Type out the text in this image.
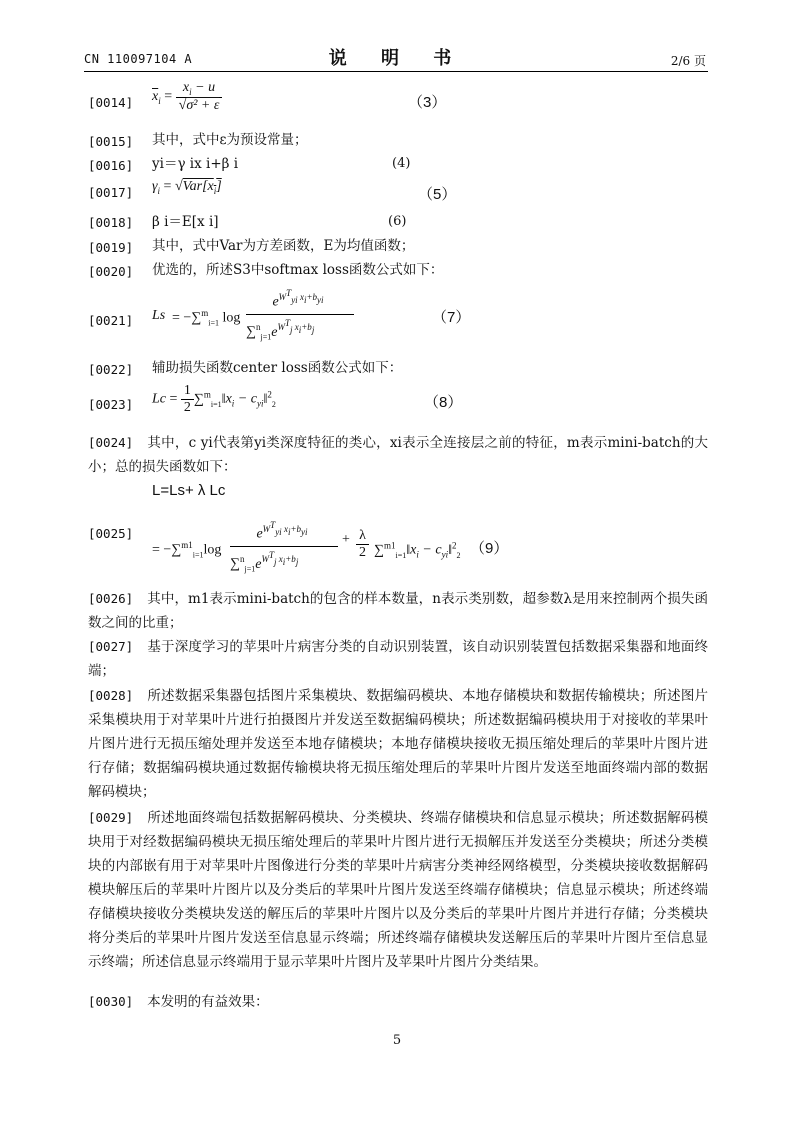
CN 110097104 A	说 明 书	2/6 页
[0014] $\overline{x}_i = \frac{x_i - u}{\text{√σ² + ε}}$	（3）
[0015] 其中，式中ε为预设常量；
[0016] yi＝γ ix i+β i	(4)
[0017] $\gamma_i = √Var[x_i]$	（5）
[0018] β i＝E[x i]	(6)
[0019] 其中，式中Var为方差函数，E为均值函数；
[0020] 优选的，所述S3中softmax loss函数公式如下：
[0021] Ls = −∑$^m_{i=1}$ log
$e^{W^T_{yi} x_i+b_{yi}}$
$\sum^n_{j=1}e^{W^T_j x_i+b_j}$
（7）
[0022] 辅助损失函数center loss函数公式如下：
[0023] $Lc = \frac{1}{2}$ $\sum^m_{i=1}‖x_i$ − $c_{yi}‖^2_2$	（8）
[0024] 其中，c yi代表第yi类深度特征的类心，xi表示全连接层之前的特征，m表示mini-batch的大小；总的损失函数如下：
L=Ls+ λ Lc
[0025]
= −∑$^{m1}_{i=1}$log
$e^{W^T_{yi} x_i+b_{yi}}$
$\sum^n_{j=1}e^{W^T_j x_i+b_j}$
+ $\frac{\lambda}{2}$ $\sum^{m1}_{i=1}‖x_i$ − $c_{yi}‖^2_2$ （9）
[0026] 其中，m1表示mini-batch的包含的样本数量，n表示类别数，超参数λ是用来控制两个损失函数之间的比重；
[0027] 基于深度学习的苹果叶片病害分类的自动识别装置，该自动识别装置包括数据采集器和地面终端；
[0028] 所述数据采集器包括图片采集模块、数据编码模块、本地存储模块和数据传输模块；所述图片采集模块用于对苹果叶片进行拍摄图片并发送至数据编码模块；所述数据编码模块用于对接收的苹果叶片图片进行无损压缩处理并发送至本地存储模块；本地存储模块接收无损压缩处理后的苹果叶片图片进行存储；数据编码模块通过数据传输模块将无损压缩处理后的苹果叶片图片发送至地面终端内部的数据解码模块；
[0029] 所述地面终端包括数据解码模块、分类模块、终端存储模块和信息显示模块；所述数据解码模块用于对经数据编码模块无损压缩处理后的苹果叶片图片进行无损解压并发送至分类模块；所述分类模块的内部嵌有用于对苹果叶片图像进行分类的苹果叶片病害分类神经网络模型，分类模块接收数据解码模块解压后的苹果叶片图片以及分类后的苹果叶片图片发送至终端存储模块；信息显示模块；所述终端存储模块接收分类模块发送的解压后的苹果叶片图片以及分类后的苹果叶片图片并进行存储；分类模块将分类后的苹果叶片图片发送至信息显示终端；所述终端存储模块发送解压后的苹果叶片图片至信息显示终端；所述信息显示终端用于显示苹果叶片图片及苹果叶片图片分类结果。
[0030] 本发明的有益效果：
5
